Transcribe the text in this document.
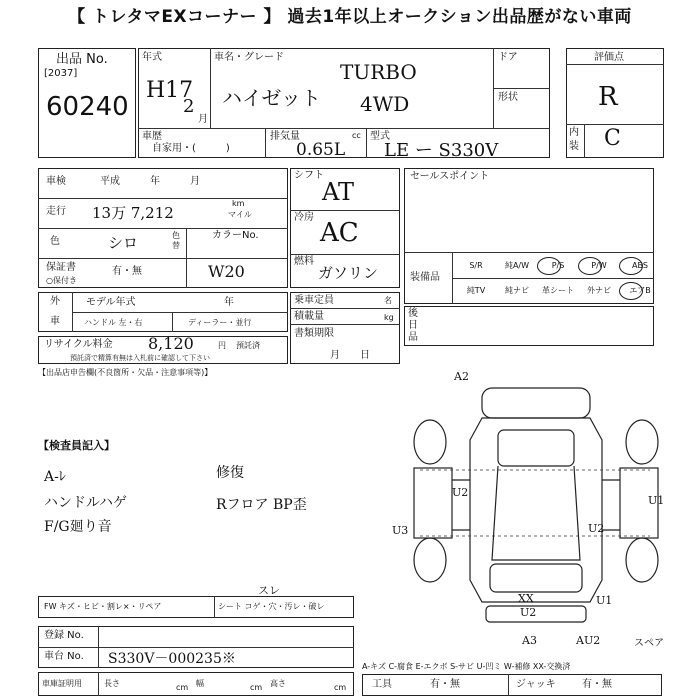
【 トレタマEXコーナー 】 過去1年以上オークション出品歴がない車両
出品 No.
[2037]
60240
年式
H17
2
月
車名・グレード
ハイゼット
TURBO
4WD
ドア
形状
車歴
自家用・(　　　)
排気量	cc
0.65L
型式
LE ー S330V
評価点
R
内
装 C
車検	平成　　　年　　　月
走行 13万 7,212
km
マイル
色	シロ	色替
カラーNo.
W20
保証書	有・無
○保付き
シフト
AT
冷房
AC
燃料
ガソリン
セールスポイント
装備品
S/R	純A/W	P/S	P/W	ABS
純TV	純ナビ	革シート	外ナビ	エアB
外
車
モデル年式	年
ハンドル 左・右	ディーラー・並行
乗車定員	名
積載量	kg
書類期限
月　　日
後
日
品
リサイクル料金 8,120	円 預託済
預託済で精算有無は入札前に確認して下さい
【出品店申告欄(不良箇所・欠品・注意事項等)】
【検査員記入】
A-ﾚ
ハンドルハゲ
F/G廻り音
修復
Rフロア BP歪
A2
U2
U1
U3	U2
XX
U2
U1
A3	AU2	スペア
FW キズ・ヒビ・割レ×・リペア	シート コゲ・穴・汚レ・破レ
スレ
登録 No.
車台 No. S330V－000235※
車庫証明用	長さ	幅	高さ
cm	cm	cm
A-キズ C-腐食 E-エクボ S-サビ U-凹ミ W-補修 XX-交換済
工具	有・無	ジャッキ	有・無
